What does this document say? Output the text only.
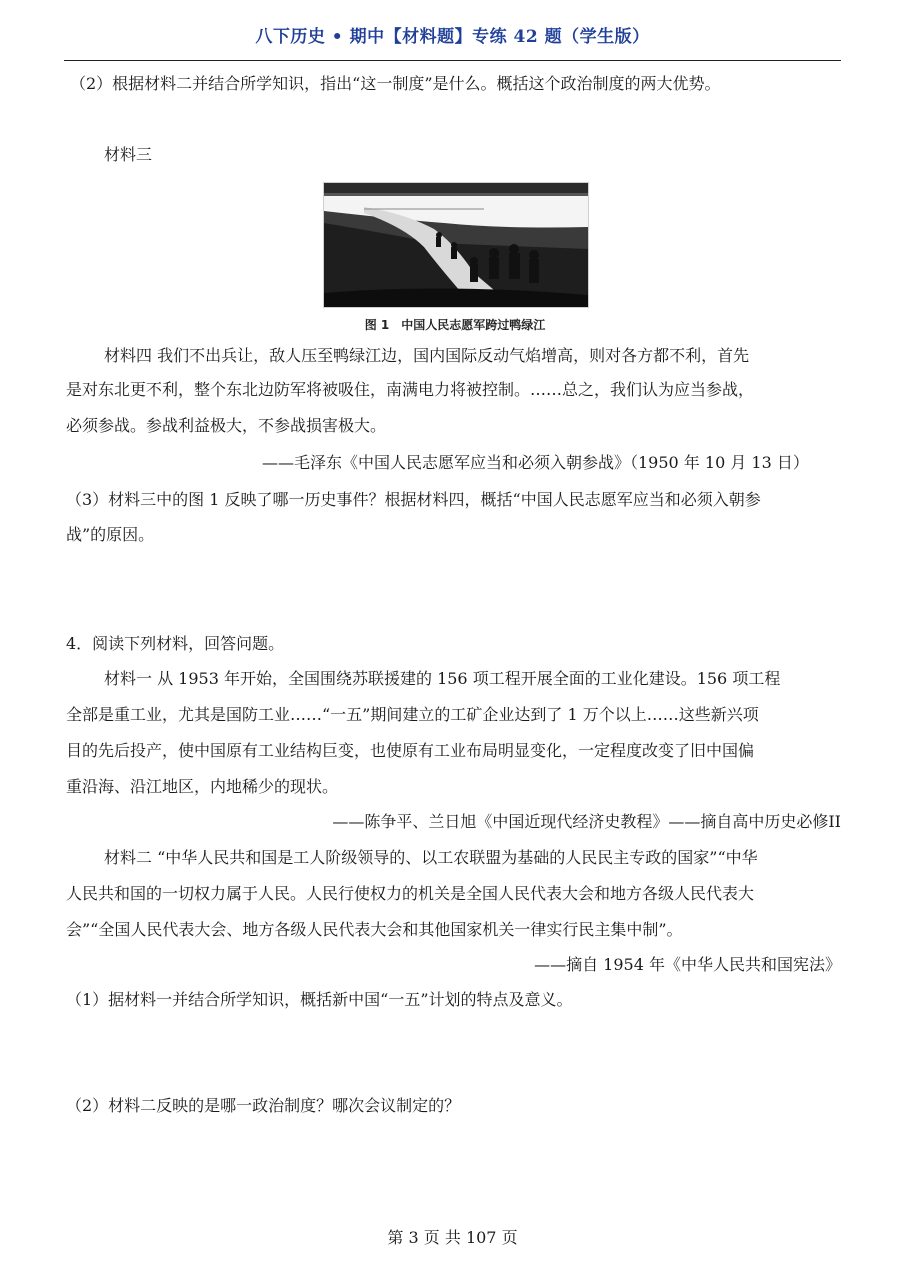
八下历史 • 期中【材料题】专练 42 题（学生版）
（2）根据材料二并结合所学知识，指出“这一制度”是什么。概括这个政治制度的两大优势。
材料三
图 1　中国人民志愿军跨过鸭绿江
材料四 我们不出兵让，敌人压至鸭绿江边，国内国际反动气焰增高，则对各方都不利，首先
是对东北更不利，整个东北边防军将被吸住，南满电力将被控制。……总之，我们认为应当参战，
必须参战。参战利益极大，不参战损害极大。
——毛泽东《中国人民志愿军应当和必须入朝参战》（1950 年 10 月 13 日）
（3）材料三中的图 1 反映了哪一历史事件？根据材料四，概括“中国人民志愿军应当和必须入朝参
战”的原因。
4．阅读下列材料，回答问题。
材料一 从 1953 年开始，全国围绕苏联援建的 156 项工程开展全面的工业化建设。156 项工程
全部是重工业，尤其是国防工业……“一五”期间建立的工矿企业达到了 1 万个以上……这些新兴项
目的先后投产，使中国原有工业结构巨变，也使原有工业布局明显变化，一定程度改变了旧中国偏
重沿海、沿江地区，内地稀少的现状。
——陈争平、兰日旭《中国近现代经济史教程》——摘自高中历史必修II
材料二 “中华人民共和国是工人阶级领导的、以工农联盟为基础的人民民主专政的国家”“中华
人民共和国的一切权力属于人民。人民行使权力的机关是全国人民代表大会和地方各级人民代表大
会”“全国人民代表大会、地方各级人民代表大会和其他国家机关一律实行民主集中制”。
——摘自 1954 年《中华人民共和国宪法》
（1）据材料一并结合所学知识，概括新中国“一五”计划的特点及意义。
（2）材料二反映的是哪一政治制度？哪次会议制定的？
第 3 页 共 107 页
